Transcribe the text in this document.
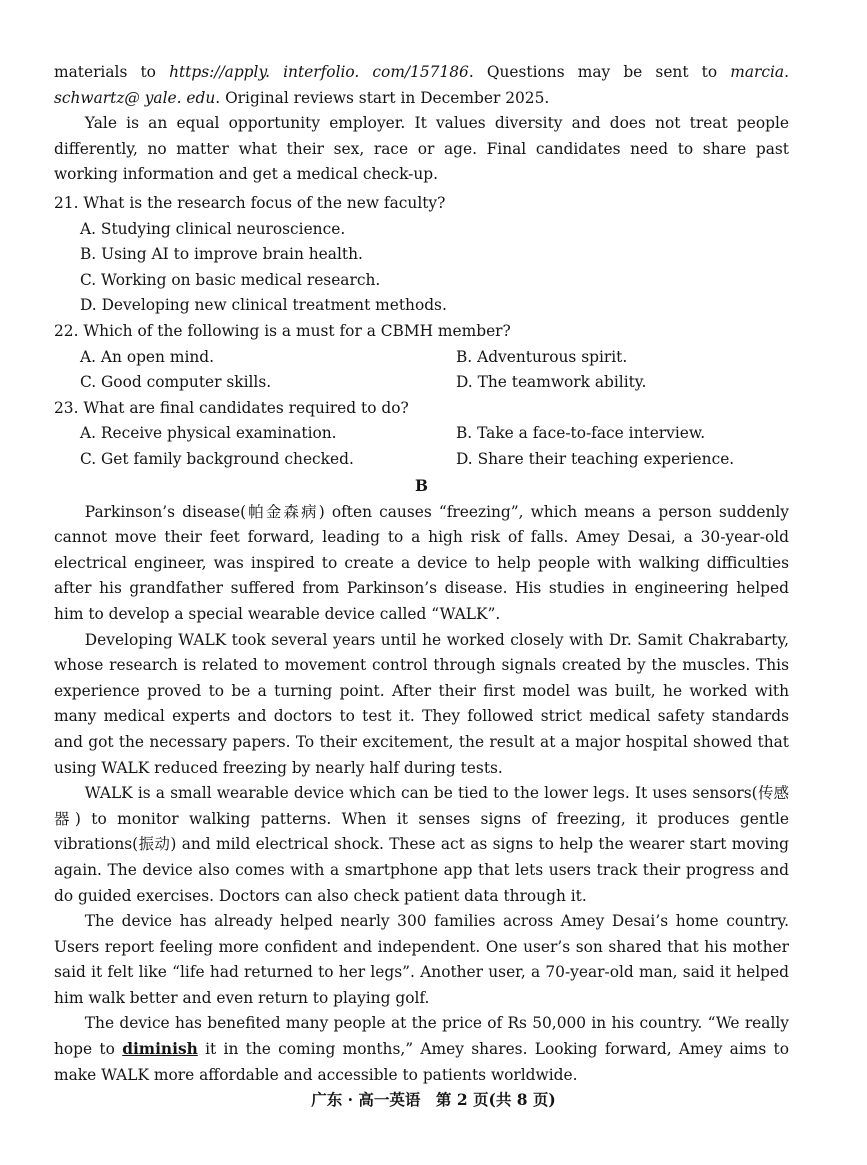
materials to https://apply. interfolio. com/157186. Questions may be sent to marcia. schwartz@ yale. edu. Original reviews start in December 2025.

Yale is an equal opportunity employer. It values diversity and does not treat people differently, no matter what their sex, race or age. Final candidates need to share past working information and get a medical check-up.

21. What is the research focus of the new faculty?

A. Studying clinical neuroscience.

B. Using AI to improve brain health.

C. Working on basic medical research.

D. Developing new clinical treatment methods.

22. Which of the following is a must for a CBMH member?

A. An open mind.	B. Adventurous spirit.
C. Good computer skills.	D. The teamwork ability.

23. What are final candidates required to do?

A. Receive physical examination.	B. Take a face-to-face interview.
C. Get family background checked.	D. Share their teaching experience.

B

Parkinson’s disease(帕金森病) often causes “freezing”, which means a person suddenly cannot move their feet forward, leading to a high risk of falls. Amey Desai, a 30-year-old electrical engineer, was inspired to create a device to help people with walking difficulties after his grandfather suffered from Parkinson’s disease. His studies in engineering helped him to develop a special wearable device called “WALK”.

Developing WALK took several years until he worked closely with Dr. Samit Chakrabarty, whose research is related to movement control through signals created by the muscles. This experience proved to be a turning point. After their first model was built, he worked with many medical experts and doctors to test it. They followed strict medical safety standards and got the necessary papers. To their excitement, the result at a major hospital showed that using WALK reduced freezing by nearly half during tests.

WALK is a small wearable device which can be tied to the lower legs. It uses sensors(传感器) to monitor walking patterns. When it senses signs of freezing, it produces gentle vibrations(振动) and mild electrical shock. These act as signs to help the wearer start moving again. The device also comes with a smartphone app that lets users track their progress and do guided exercises. Doctors can also check patient data through it.

The device has already helped nearly 300 families across Amey Desai’s home country. Users report feeling more confident and independent. One user’s son shared that his mother said it felt like “life had returned to her legs”. Another user, a 70-year-old man, said it helped him walk better and even return to playing golf.

The device has benefited many people at the price of Rs 50,000 in his country. “We really hope to diminish it in the coming months,” Amey shares. Looking forward, Amey aims to make WALK more affordable and accessible to patients worldwide.

广东 · 高一英语　第 2 页(共 8 页)
